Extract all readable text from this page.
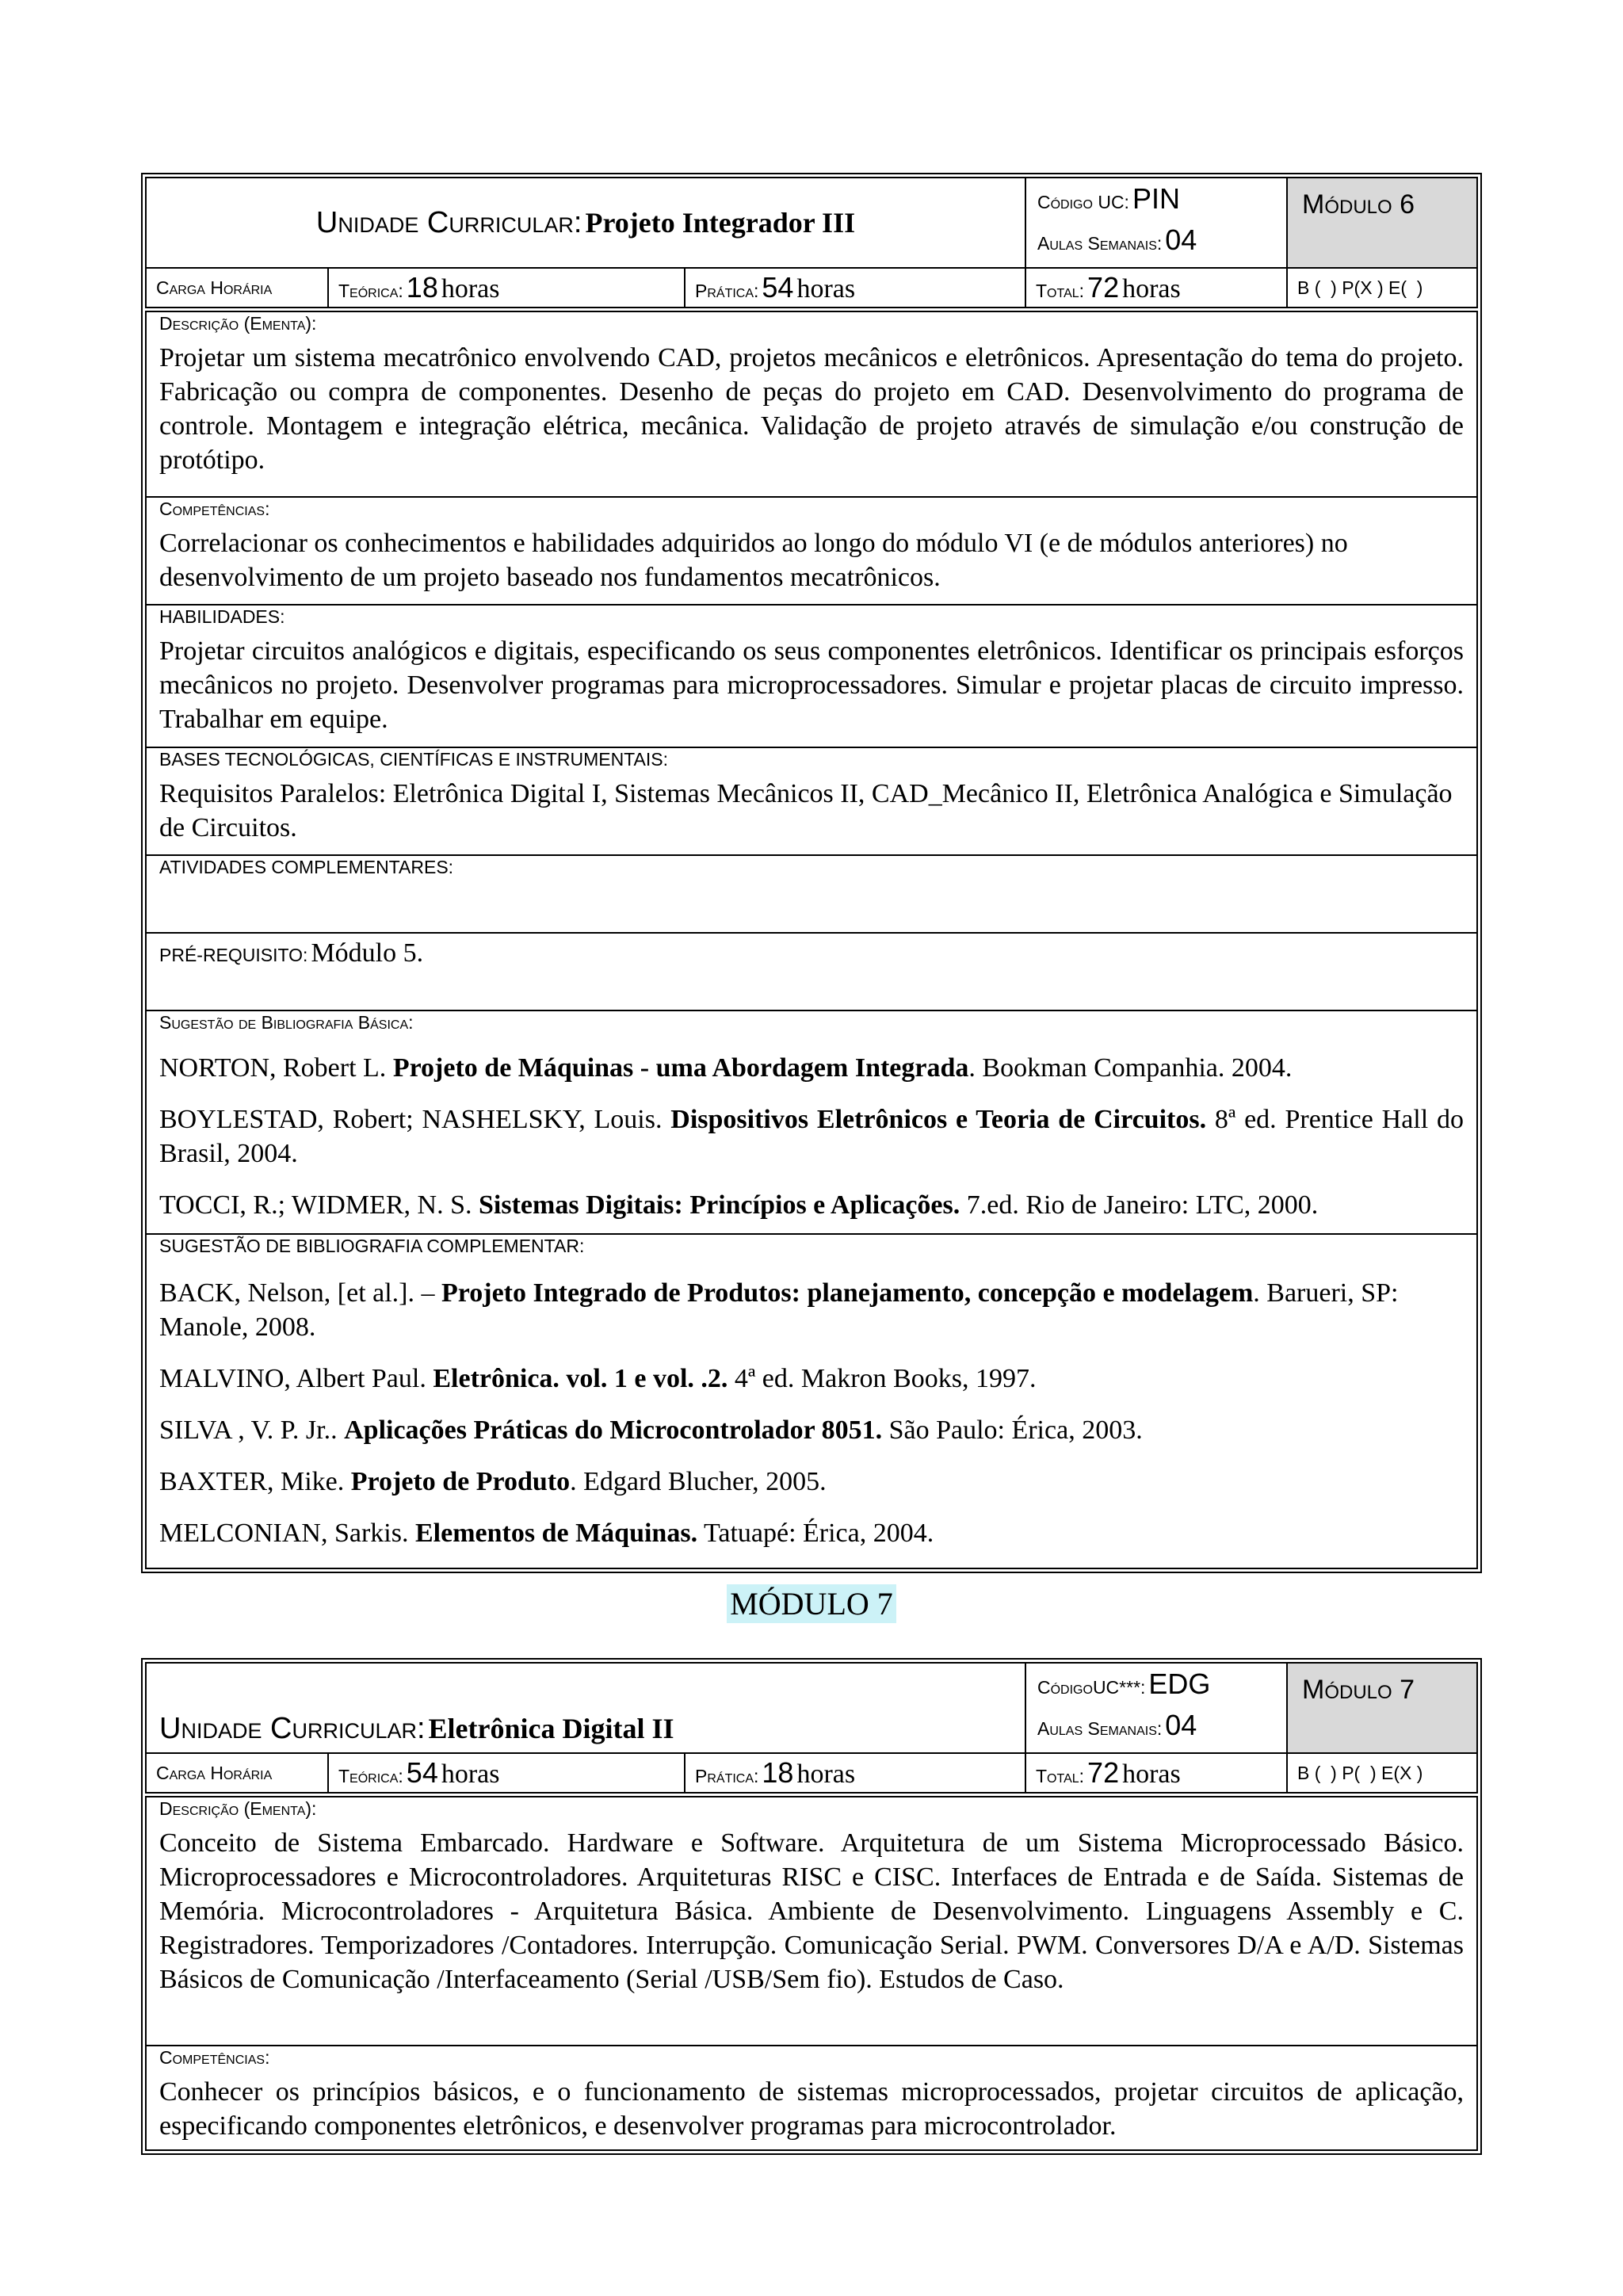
Unidade Curricular: Projeto Integrador III			Código UC: PIN
Aulas Semanais: 04	Módulo 6
Carga Horária	Teórica: 18 horas	Prática: 54 horas	Total: 72 horas	B (  ) P(X ) E(  )
Descrição (Ementa):

Projetar um sistema mecatrônico envolvendo CAD, projetos mecânicos e eletrônicos. Apresentação do tema do projeto. Fabricação ou compra de componentes. Desenho de peças do projeto em CAD. Desenvolvimento do programa de controle. Montagem e integração elétrica, mecânica. Validação de projeto através de simulação e/ou construção de protótipo.

Competências:

Correlacionar os conhecimentos e habilidades adquiridos ao longo do módulo VI (e de módulos anteriores) no desenvolvimento de um projeto baseado nos fundamentos mecatrônicos.

HABILIDADES:

Projetar circuitos analógicos e digitais, especificando os seus componentes eletrônicos. Identificar os principais esforços mecânicos no projeto. Desenvolver programas para microprocessadores. Simular e projetar placas de circuito impresso. Trabalhar em equipe.

BASES TECNOLÓGICAS, CIENTÍFICAS E INSTRUMENTAIS:

Requisitos Paralelos: Eletrônica Digital I, Sistemas Mecânicos II, CAD_Mecânico II, Eletrônica Analógica e Simulação de Circuitos.

ATIVIDADES COMPLEMENTARES:

PRÉ-REQUISITO: Módulo 5.

Sugestão de Bibliografia Básica:

NORTON, Robert L. Projeto de Máquinas - uma Abordagem Integrada. Bookman Companhia. 2004.

BOYLESTAD, Robert; NASHELSKY, Louis. Dispositivos Eletrônicos e Teoria de Circuitos. 8ª ed. Prentice Hall do Brasil, 2004.

TOCCI, R.; WIDMER, N. S. Sistemas Digitais: Princípios e Aplicações. 7.ed. Rio de Janeiro: LTC, 2000.

SUGESTÃO DE BIBLIOGRAFIA COMPLEMENTAR:

BACK, Nelson, [et al.]. – Projeto Integrado de Produtos: planejamento, concepção e modelagem. Barueri, SP: Manole, 2008.

MALVINO, Albert Paul. Eletrônica. vol. 1 e vol. .2. 4ª ed. Makron Books, 1997.

SILVA , V. P. Jr.. Aplicações Práticas do Microcontrolador 8051. São Paulo: Érica, 2003.

BAXTER, Mike. Projeto de Produto. Edgard Blucher, 2005.

MELCONIAN, Sarkis. Elementos de Máquinas. Tatuapé: Érica, 2004.

MÓDULO 7
Unidade Curricular: Eletrônica Digital II			CódigoUC***: EDG
Aulas Semanais: 04	Módulo 7
Carga Horária	Teórica: 54 horas	Prática: 18 horas	Total: 72 horas	B (  ) P(  ) E(X )
Descrição (Ementa):

Conceito de Sistema Embarcado. Hardware e Software. Arquitetura de um Sistema Microprocessado Básico. Microprocessadores e Microcontroladores. Arquiteturas RISC e CISC. Interfaces de Entrada e de Saída. Sistemas de Memória. Microcontroladores - Arquitetura Básica. Ambiente de Desenvolvimento. Linguagens Assembly e C. Registradores. Temporizadores /Contadores. Interrupção. Comunicação Serial. PWM. Conversores D/A e A/D. Sistemas Básicos de Comunicação /Interfaceamento (Serial /USB/Sem fio). Estudos de Caso.

Competências:

Conhecer os princípios básicos, e o funcionamento de sistemas microprocessados, projetar circuitos de aplicação, especificando componentes eletrônicos, e desenvolver programas para microcontrolador.
